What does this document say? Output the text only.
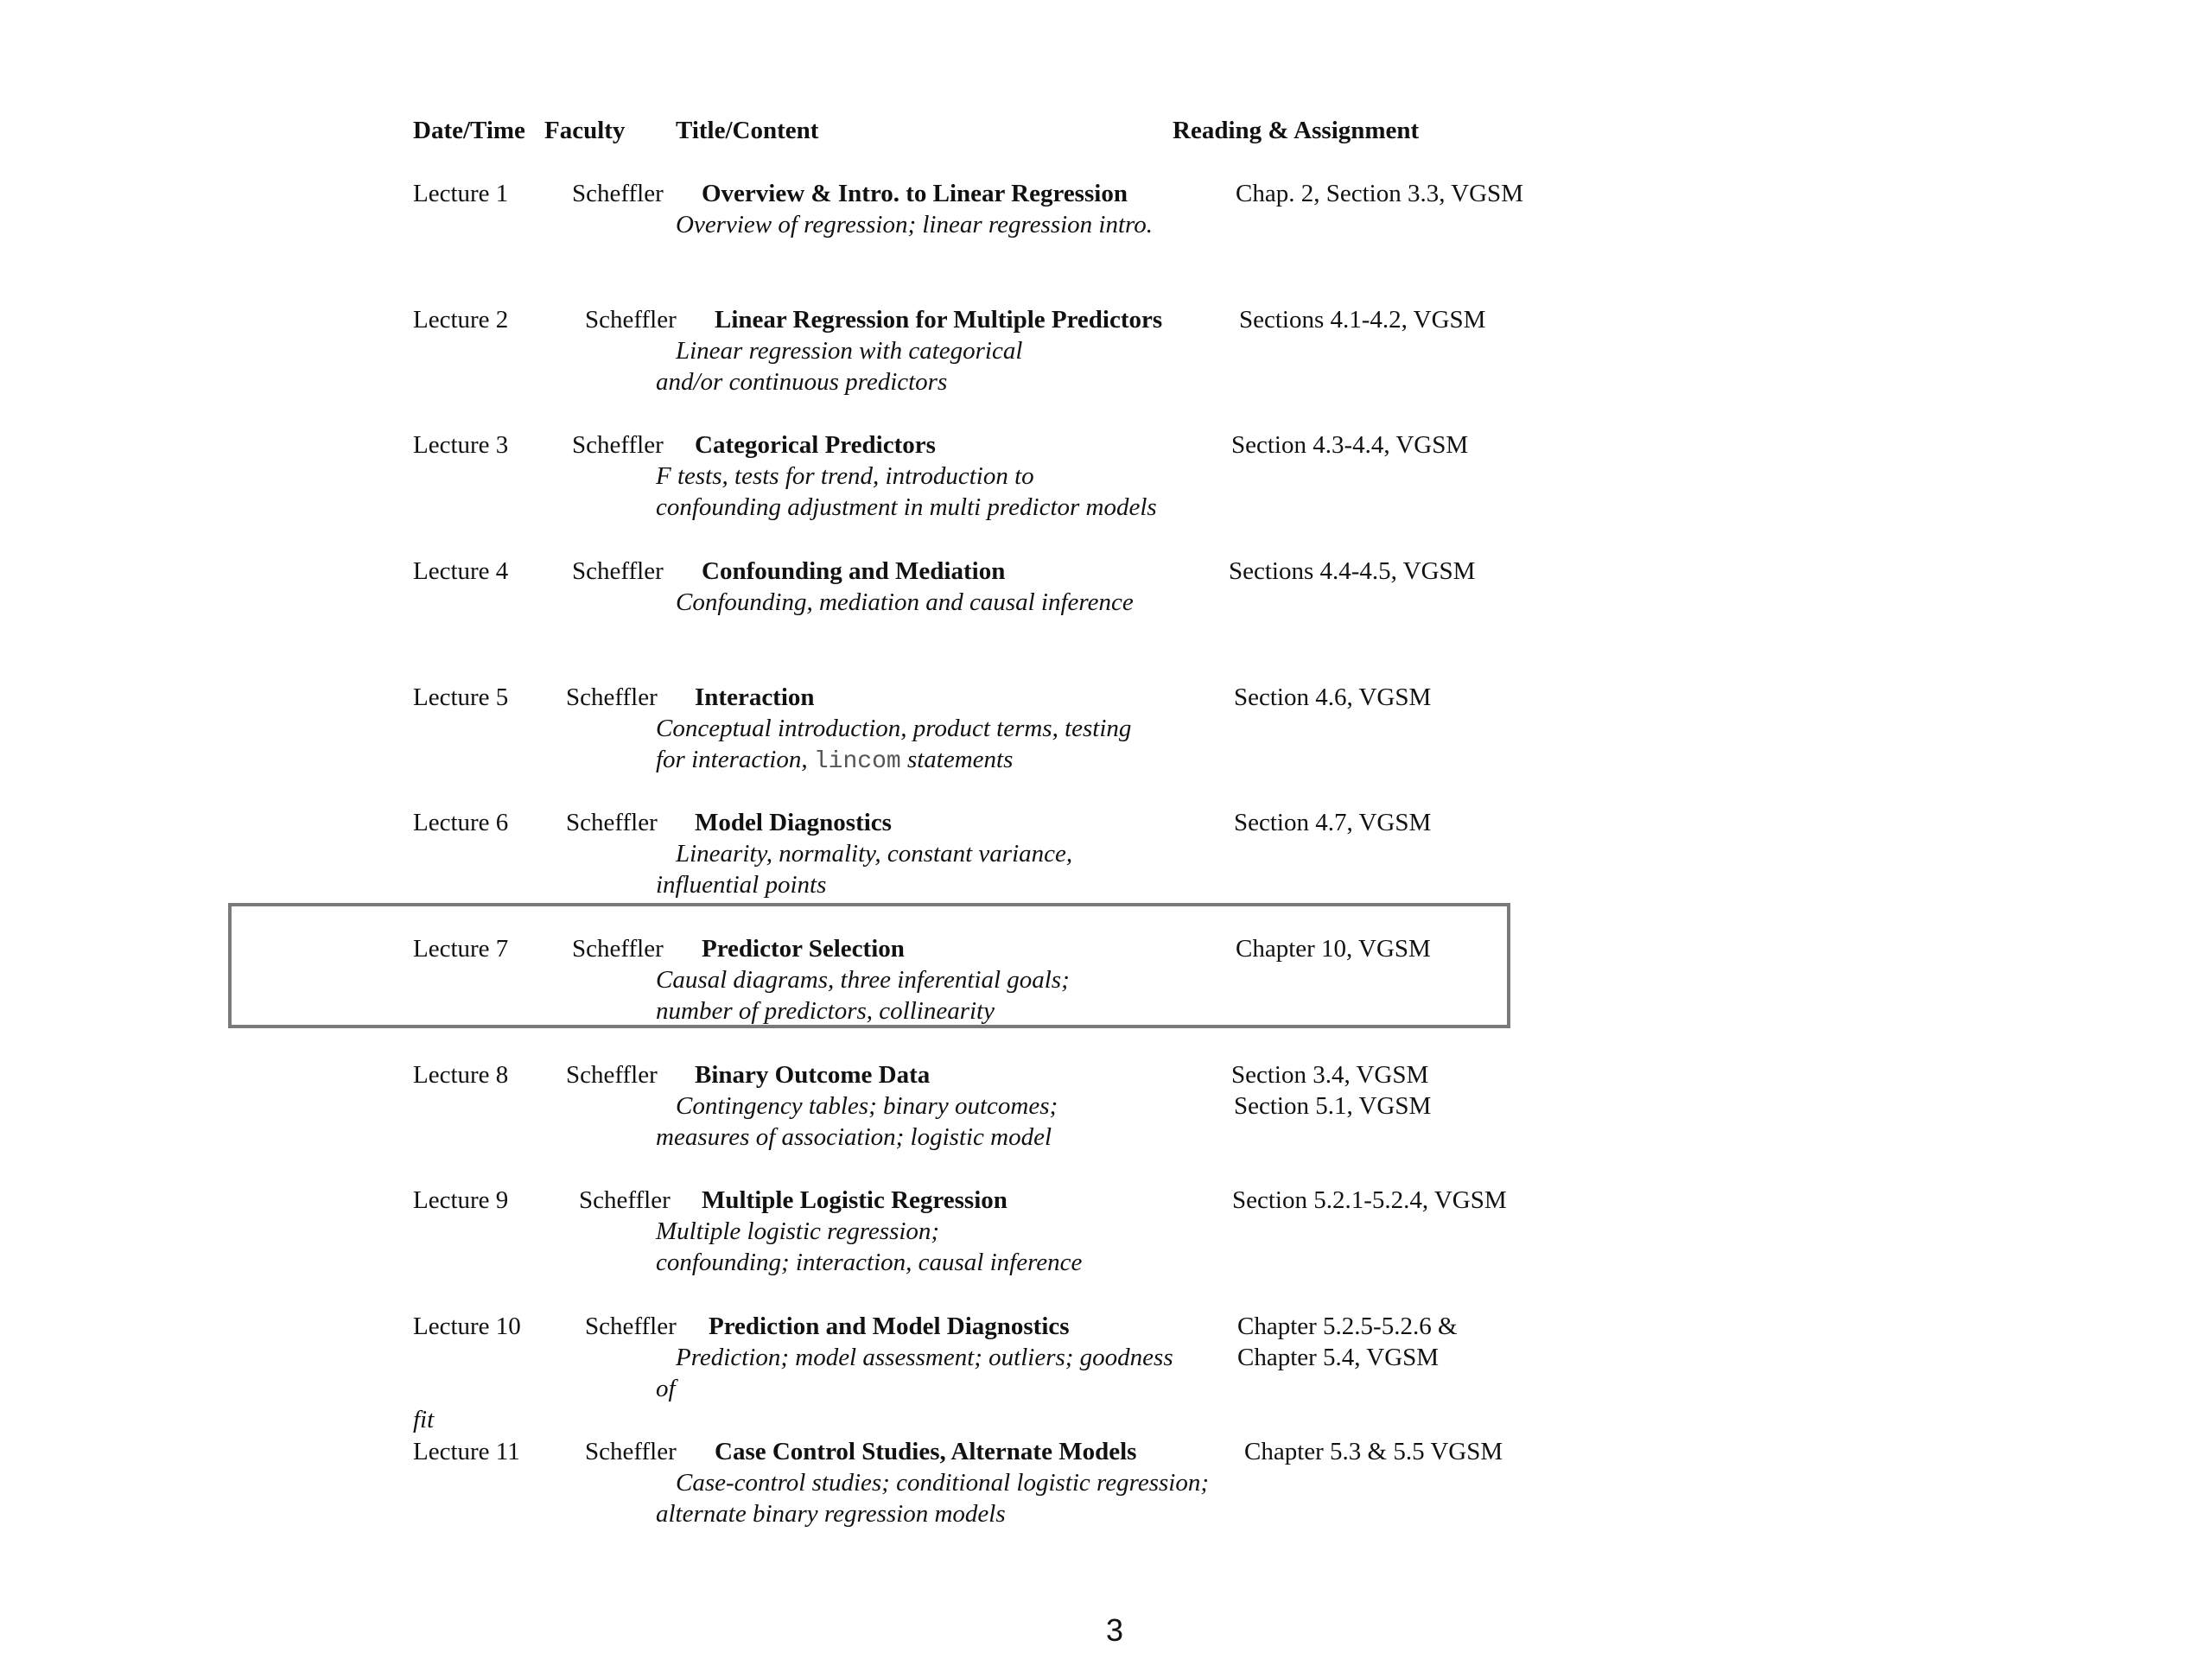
Date/Time Faculty Title/Content	Reading & Assignment
Lecture 1	Scheffler Overview & Intro. to Linear Regression
Overview of regression; linear regression intro.
Chap. 2, Section 3.3, VGSM
Lecture 2	Scheffler Linear Regression for Multiple Predictors
Linear regression with categorical
and/or continuous predictors
Sections 4.1-4.2, VGSM
Lecture 3	Scheffler Categorical Predictors
F tests, tests for trend, introduction to
confounding adjustment in multi predictor models
Section 4.3-4.4, VGSM
Lecture 4	Scheffler Confounding and Mediation
Confounding, mediation and causal inference
Sections 4.4-4.5, VGSM
Lecture 5 Scheffler Interaction
Conceptual introduction, product terms, testing
for interaction, lincom statements
Section 4.6, VGSM
Lecture 6 Scheffler Model Diagnostics
Linearity, normality, constant variance,
influential points
Section 4.7, VGSM
Lecture 7	Scheffler Predictor Selection
Causal diagrams, three inferential goals;
number of predictors, collinearity
Chapter 10, VGSM
Lecture 8 Scheffler Binary Outcome Data
Contingency tables; binary outcomes;
measures of association; logistic model
Section 3.4, VGSM
Section 5.1, VGSM
Lecture 9	Scheffler Multiple Logistic Regression
Multiple logistic regression;
confounding; interaction, causal inference
Section 5.2.1-5.2.4, VGSM
Lecture 10	Scheffler Prediction and Model Diagnostics
Prediction; model assessment; outliers; goodness
of
fit
Chapter 5.2.5-5.2.6 &
Chapter 5.4, VGSM
Lecture 11	Scheffler Case Control Studies, Alternate Models
Case-control studies; conditional logistic regression;
alternate binary regression models
Chapter 5.3 & 5.5 VGSM
3
